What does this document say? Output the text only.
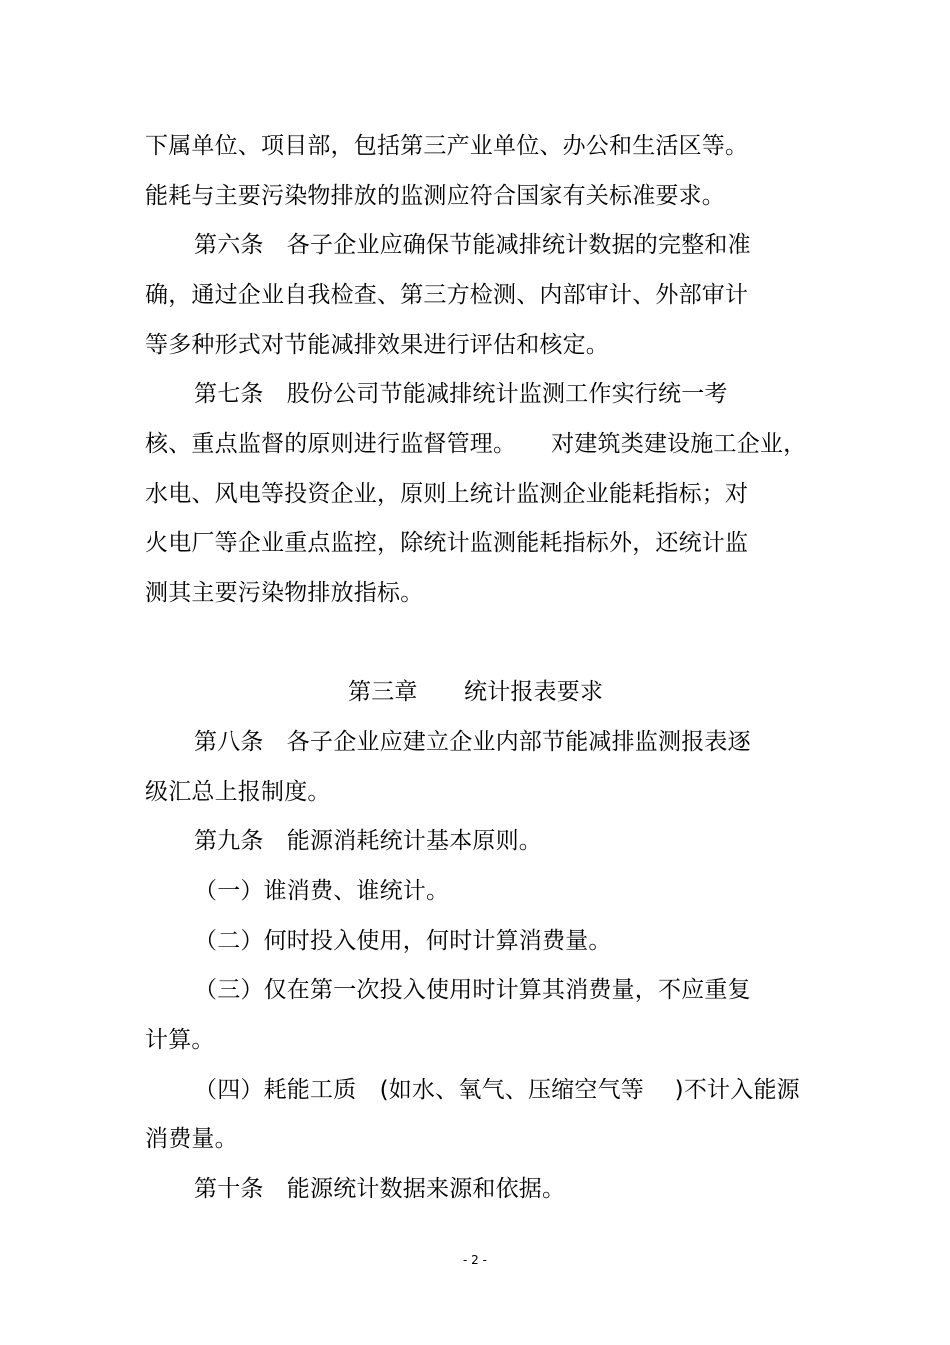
下属单位、项目部，包括第三产业单位、办公和生活区等。
能耗与主要污染物排放的监测应符合国家有关标准要求。
第六条　各子企业应确保节能减排统计数据的完整和准
确，通过企业自我检查、第三方检测、内部审计、外部审计
等多种形式对节能减排效果进行评估和核定。
第七条　股份公司节能减排统计监测工作实行统一考
核、重点监督的原则进行监督管理。　　对建筑类建设施工企业，
水电、风电等投资企业，原则上统计监测企业能耗指标；对
火电厂等企业重点监控，除统计监测能耗指标外，还统计监
测其主要污染物排放指标。
第三章　　统计报表要求
第八条　各子企业应建立企业内部节能减排监测报表逐
级汇总上报制度。
第九条　能源消耗统计基本原则。
（一）谁消费、谁统计。
（二）何时投入使用，何时计算消费量。
（三）仅在第一次投入使用时计算其消费量，不应重复
计算。
（四）耗能工质　(如水、氧气、压缩空气等　 )不计入能源
消费量。
第十条　能源统计数据来源和依据。
- 2 -
